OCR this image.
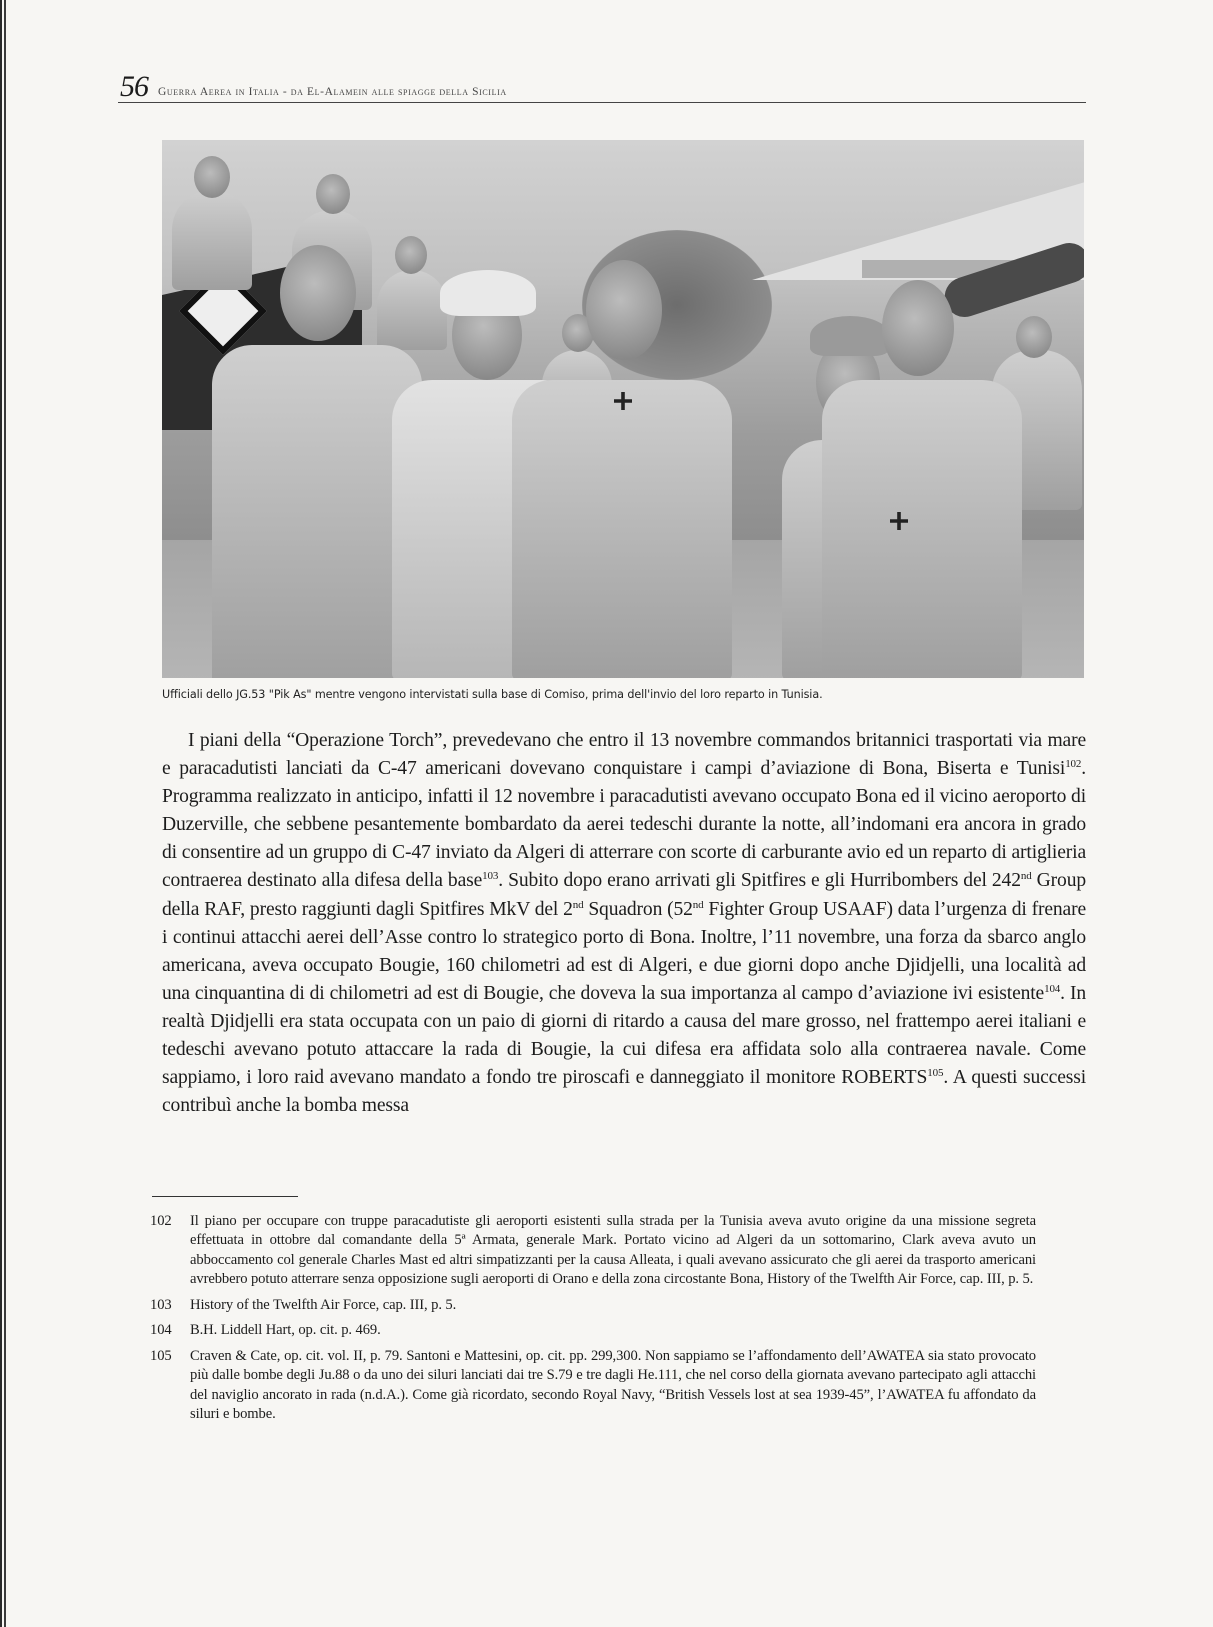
56 Guerra Aerea in Italia - da El-Alamein alle spiagge della Sicilia
Ufficiali dello JG.53 "Pik As" mentre vengono intervistati sulla base di Comiso, prima dell'invio del loro reparto in Tunisia.

I piani della “Operazione Torch”, prevedevano che entro il 13 novembre commandos britannici trasportati via mare e paracadutisti lanciati da C-47 americani dovevano conquistare i campi d’aviazione di Bona, Biserta e Tunisi$^{102}$. Programma realizzato in anticipo, infatti il 12 novembre i paracadutisti avevano occupato Bona ed il vicino aeroporto di Duzerville, che sebbene pesantemente bombardato da aerei tedeschi durante la notte, all’indomani era ancora in grado di consentire ad un gruppo di C-47 inviato da Algeri di atterrare con scorte di carburante avio ed un reparto di artiglieria contraerea destinato alla difesa della base$^{103}$. Subito dopo erano arrivati gli Spitfires e gli Hurribombers del 242nd Group della RAF, presto raggiunti dagli Spitfires MkV del 2nd Squadron (52nd Fighter Group USAAF) data l’urgenza di frenare i continui attacchi aerei dell’Asse contro lo strategico porto di Bona. Inoltre, l’11 novembre, una forza da sbarco anglo americana, aveva occupato Bougie, 160 chilometri ad est di Algeri, e due giorni dopo anche Djidjelli, una località ad una cinquantina di di chilometri ad est di Bougie, che doveva la sua importanza al campo d’aviazione ivi esistente$^{104}$. In realtà Djidjelli era stata occupata con un paio di giorni di ritardo a causa del mare grosso, nel frattempo aerei italiani e tedeschi avevano potuto attaccare la rada di Bougie, la cui difesa era affidata solo alla contraerea navale. Come sappiamo, i loro raid avevano mandato a fondo tre piroscafi e danneggiato il monitore ROBERTS$^{105}$. A questi successi contribuì anche la bomba messa

102 Il piano per occupare con truppe paracadutiste gli aeroporti esistenti sulla strada per la Tunisia aveva avuto origine da una missione segreta effettuata in ottobre dal comandante della 5ª Armata, generale Mark. Portato vicino ad Algeri da un sottomarino, Clark aveva avuto un abboccamento col generale Charles Mast ed altri simpatizzanti per la causa Alleata, i quali avevano assicurato che gli aerei da trasporto americani avrebbero potuto atterrare senza opposizione sugli aeroporti di Orano e della zona circostante Bona, History of the Twelfth Air Force, cap. III, p. 5.

103 History of the Twelfth Air Force, cap. III, p. 5.

104 B.H. Liddell Hart, op. cit. p. 469.

105 Craven & Cate, op. cit. vol. II, p. 79. Santoni e Mattesini, op. cit. pp. 299,300. Non sappiamo se l’affondamento dell’AWATEA sia stato provocato più dalle bombe degli Ju.88 o da uno dei siluri lanciati dai tre S.79 e tre dagli He.111, che nel corso della giornata avevano partecipato agli attacchi del naviglio ancorato in rada (n.d.A.). Come già ricordato, secondo Royal Navy, “British Vessels lost at sea 1939-45”, l’AWATEA fu affondato da siluri e bombe.
